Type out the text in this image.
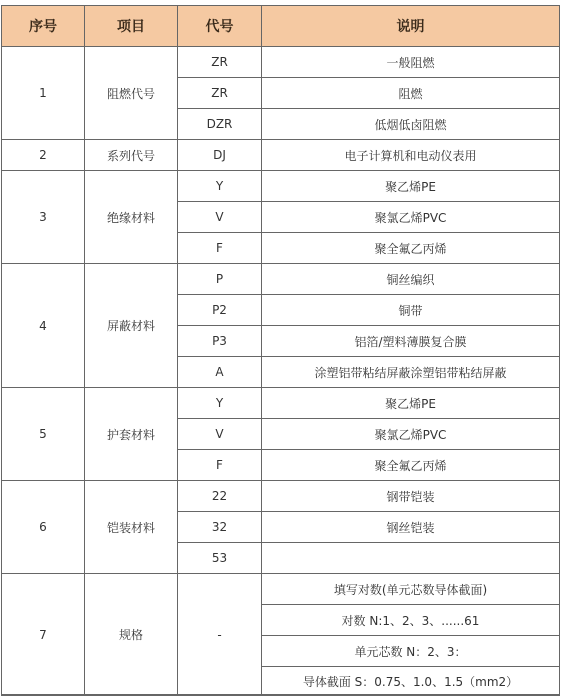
序号	项目	代号	说明
1	阻燃代号	ZR	一般阻燃
		ZR	阻燃
		DZR	低烟低卤阻燃
2	系列代号	DJ	电子计算机和电动仪表用
3	绝缘材料	Y	聚乙烯PE
		V	聚氯乙烯PVC
		F	聚全氟乙丙烯
4	屏蔽材料	P	铜丝编织
		P2	铜带
		P3	铝箔/塑料薄膜复合膜
		A	涂塑铝带粘结屏蔽涂塑铝带粘结屏蔽
5	护套材料	Y	聚乙烯PE
		V	聚氯乙烯PVC
		F	聚全氟乙丙烯
6	铠装材料	22	钢带铠装
		32	钢丝铠装
		53	
7	规格	-	填写对数(单元芯数导体截面)
			对数 N:1、2、3、......61
			单元芯数 N：2、3：
			导体截面 S：0.75、1.0、1.5（mm2）
